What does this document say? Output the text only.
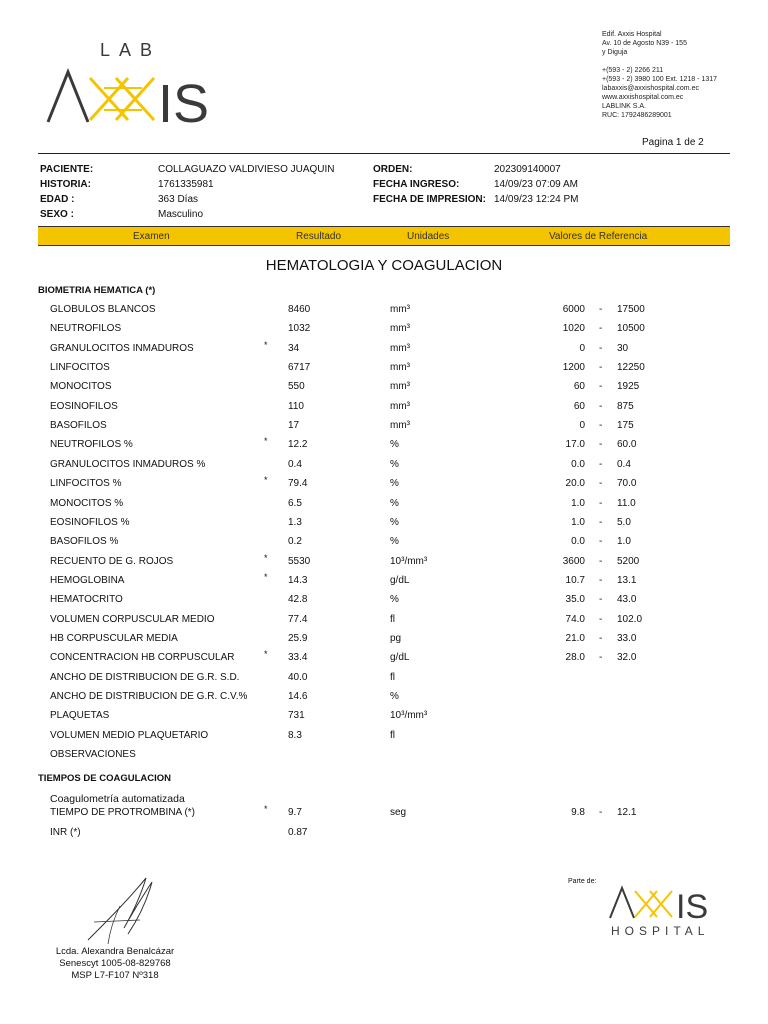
LAB
IS
Edif. Axxis Hospital
Av. 10 de Agosto N39 - 155
y Diguja
+(593 - 2) 2266 211
+(593 - 2) 3980 100 Ext. 1218 - 1317
labaxxis@axxishospital.com.ec
www.axxishospital.com.ec
LABLINK S.A.
RUC: 1792486289001
Pagina 1 de 2
PACIENTE:	COLLAGUAZO VALDIVIESO JUAQUIN
HISTORIA:	1761335981
EDAD :	363 Días
SEXO :	Masculino
ORDEN:	202309140007
FECHA INGRESO:	14/09/23 07:09 AM
FECHA DE IMPRESION: 14/09/23 12:24 PM
Examen	Resultado	Unidades	Valores de Referencia
HEMATOLOGIA Y COAGULACION
BIOMETRIA HEMATICA (*)
GLOBULOS BLANCOS	8460	mm³	6000 - 17500
NEUTROFILOS	1032	mm³	1020 - 10500
GRANULOCITOS INMADUROS	* 34	mm³	0 - 30
LINFOCITOS	6717	mm³	1200 - 12250
MONOCITOS	550	mm³	60 - 1925
EOSINOFILOS	110	mm³	60 - 875
BASOFILOS	17	mm³	0 - 175
NEUTROFILOS %	* 12.2	%	17.0 - 60.0
GRANULOCITOS INMADUROS %	0.4	%	0.0 - 0.4
LINFOCITOS %	* 79.4	%	20.0 - 70.0
MONOCITOS %	6.5	%	1.0 - 11.0
EOSINOFILOS %	1.3	%	1.0 - 5.0
BASOFILOS %	0.2	%	0.0 - 1.0
RECUENTO DE G. ROJOS	* 5530	10³/mm³	3600 - 5200
HEMOGLOBINA	* 14.3	g/dL	10.7 - 13.1
HEMATOCRITO	42.8	%	35.0 - 43.0
VOLUMEN CORPUSCULAR MEDIO	77.4	fl	74.0 - 102.0
HB CORPUSCULAR MEDIA	25.9	pg	21.0 - 33.0
CONCENTRACION HB CORPUSCULAR	* 33.4	g/dL	28.0 - 32.0
ANCHO DE DISTRIBUCION DE G.R. S.D.	40.0	fl
ANCHO DE DISTRIBUCION DE G.R. C.V.%	14.6	%
PLAQUETAS	731	10³/mm³
VOLUMEN MEDIO PLAQUETARIO	8.3	fl
OBSERVACIONES
TIEMPOS DE COAGULACION
Coagulometría automatizada
TIEMPO DE PROTROMBINA (*)	* 9.7	seg	9.8 - 12.1
INR (*)	0.87
Lcda. Alexandra Benalcázar
Senescyt 1005-08-829768
MSP L7-F107 Nº318
Parte de:
IS
HOSPITAL
